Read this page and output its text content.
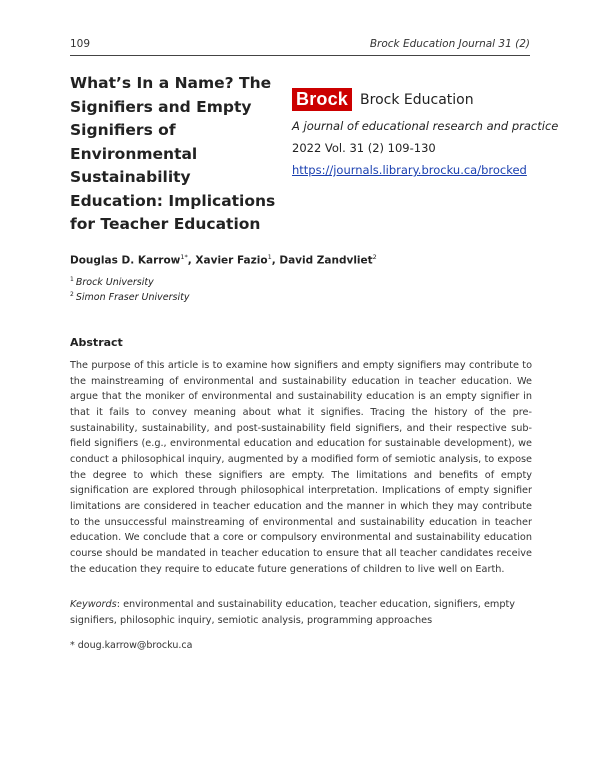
109	Brock Education Journal 31 (2)
What’s In a Name? The Signifiers and Empty Signifiers of Environmental Sustainability Education: Implications for Teacher Education
Brock Brock Education
A journal of educational research and practice
2022 Vol. 31 (2) 109-130
https://journals.library.brocku.ca/brocked
Douglas D. Karrow$^{1*}$, Xavier Fazio$^1$, David Zandvliet$^2$
$^1$ Brock University
$^2$ Simon Fraser University
Abstract

The purpose of this article is to examine how signifiers and empty signifiers may contribute to the mainstreaming of environmental and sustainability education in teacher education. We argue that the moniker of environmental and sustainability education is an empty signifier in that it fails to convey meaning about what it signifies. Tracing the history of the pre-sustainability, sustainability, and post-sustainability field signifiers, and their respective sub-field signifiers (e.g., environmental education and education for sustainable development), we conduct a philosophical inquiry, augmented by a modified form of semiotic analysis, to expose the degree to which these signifiers are empty. The limitations and benefits of empty signification are explored through philosophical interpretation. Implications of empty signifier limitations are considered in teacher education and the manner in which they may contribute to the unsuccessful mainstreaming of environmental and sustainability education in teacher education. We conclude that a core or compulsory environmental and sustainability education course should be mandated in teacher education to ensure that all teacher candidates receive the education they require to educate future generations of children to live well on Earth.

Keywords: environmental and sustainability education, teacher education, signifiers, empty signifiers, philosophic inquiry, semiotic analysis, programming approaches

* doug.karrow@brocku.ca
